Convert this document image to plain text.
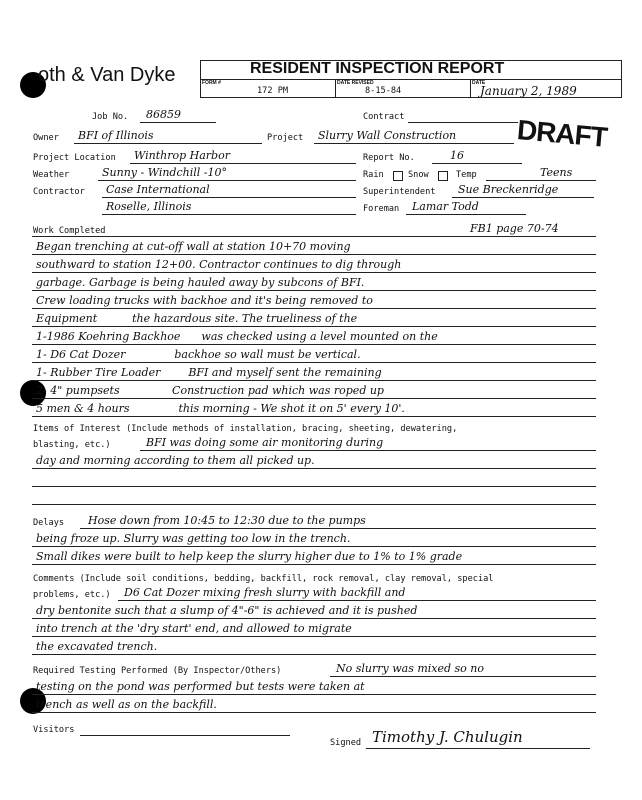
oth & Van Dyke	RESIDENT INSPECTION REPORT
FORM #
172 PM
DATE REVISED
8-15-84
DATE
January 2, 1989
DRAFT
Job No. 86859	Contract
Owner BFI of Illinois	Project Slurry Wall Construction
Project Location Winthrop Harbor	Report No.	16
Weather	Sunny - Windchill -10°	Rain	Snow	Temp	Teens
Contractor Case International
Roselle, Illinois
Superintendent Sue Breckenridge
Foreman Lamar Todd
Work Completed	FB1 page 70-74
Began trenching at cut-off wall at station 10+70 moving
southward to station 12+00. Contractor continues to dig through
garbage. Garbage is being hauled away by subcons of BFI.
Crew loading trucks with backhoe and it's being removed to
Equipment          the hazardous site. The trueliness of the
1-1986 Koehring Backhoe      was checked using a level mounted on the
1- D6 Cat Dozer              backhoe so wall must be vertical.
1- Rubber Tire Loader        BFI and myself sent the remaining
2- 4" pumpsets               Construction pad which was roped up
5 men & 4 hours              this morning - We shot it on 5' every 10'.
Items of Interest (Include methods of installation, bracing, sheeting, dewatering,
blasting, etc.)	BFI was doing some air monitoring during
day and morning according to them all picked up.
Delays Hose down from 10:45 to 12:30 due to the pumps
being froze up. Slurry was getting too low in the trench.
Small dikes were built to help keep the slurry higher due to 1% to 1% grade
Comments (Include soil conditions, bedding, backfill, rock removal, clay removal, special
problems, etc.) D6 Cat Dozer mixing fresh slurry with backfill and
dry bentonite such that a slump of 4"-6" is achieved and it is pushed
into trench at the 'dry start' end, and allowed to migrate
the excavated trench.
Required Testing Performed (By Inspector/Others)	No slurry was mixed so no
testing on the pond was performed but tests were taken at
trench as well as on the backfill.
Visitors
Signed Timothy J. Chulugin
